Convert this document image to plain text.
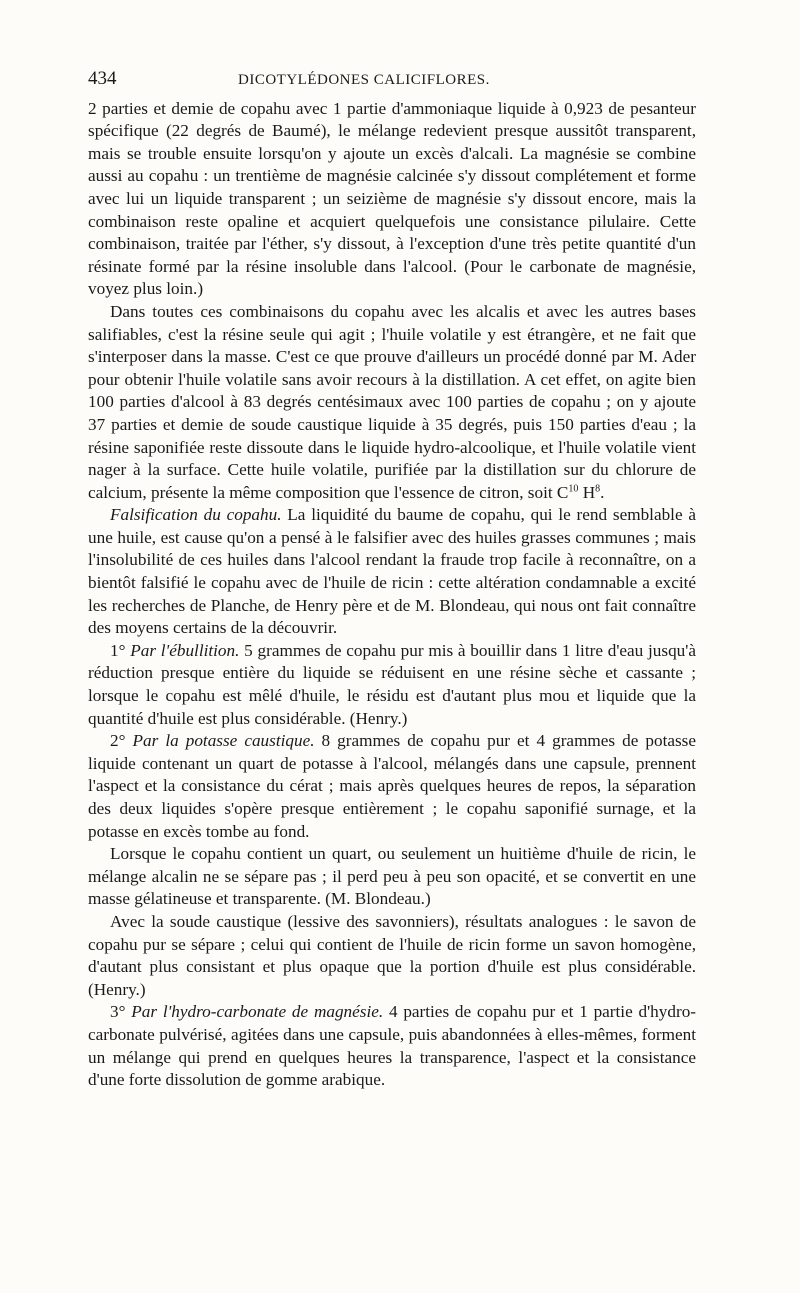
434	DICOTYLÉDONES CALICIFLORES.

2 parties et demie de copahu avec 1 partie d'ammoniaque liquide à 0,923 de pesanteur spécifique (22 degrés de Baumé), le mélange redevient presque aussitôt transparent, mais se trouble ensuite lorsqu'on y ajoute un excès d'alcali. La magnésie se combine aussi au copahu : un trentième de magnésie calcinée s'y dissout complétement et forme avec lui un liquide transparent ; un seizième de magnésie s'y dissout encore, mais la combinaison reste opaline et acquiert quelquefois une consistance pilulaire. Cette combinaison, traitée par l'éther, s'y dissout, à l'exception d'une très petite quantité d'un résinate formé par la résine insoluble dans l'alcool. (Pour le carbonate de magnésie, voyez plus loin.)

Dans toutes ces combinaisons du copahu avec les alcalis et avec les autres bases salifiables, c'est la résine seule qui agit ; l'huile volatile y est étrangère, et ne fait que s'interposer dans la masse. C'est ce que prouve d'ailleurs un procédé donné par M. Ader pour obtenir l'huile volatile sans avoir recours à la distillation. A cet effet, on agite bien 100 parties d'alcool à 83 degrés centésimaux avec 100 parties de copahu ; on y ajoute 37 parties et demie de soude caustique liquide à 35 degrés, puis 150 parties d'eau ; la résine saponifiée reste dissoute dans le liquide hydro-alcoolique, et l'huile volatile vient nager à la surface. Cette huile volatile, purifiée par la distillation sur du chlorure de calcium, présente la même composition que l'essence de citron, soit $C^{10}$ $H^8$.

Falsification du copahu. La liquidité du baume de copahu, qui le rend semblable à une huile, est cause qu'on a pensé à le falsifier avec des huiles grasses communes ; mais l'insolubilité de ces huiles dans l'alcool rendant la fraude trop facile à reconnaître, on a bientôt falsifié le copahu avec de l'huile de ricin : cette altération condamnable a excité les recherches de Planche, de Henry père et de M. Blondeau, qui nous ont fait connaître des moyens certains de la découvrir.

1° Par l'ébullition. 5 grammes de copahu pur mis à bouillir dans 1 litre d'eau jusqu'à réduction presque entière du liquide se réduisent en une résine sèche et cassante ; lorsque le copahu est mêlé d'huile, le résidu est d'autant plus mou et liquide que la quantité d'huile est plus considérable. (Henry.)

2° Par la potasse caustique. 8 grammes de copahu pur et 4 grammes de potasse liquide contenant un quart de potasse à l'alcool, mélangés dans une capsule, prennent l'aspect et la consistance du cérat ; mais après quelques heures de repos, la séparation des deux liquides s'opère presque entièrement ; le copahu saponifié surnage, et la potasse en excès tombe au fond.

Lorsque le copahu contient un quart, ou seulement un huitième d'huile de ricin, le mélange alcalin ne se sépare pas ; il perd peu à peu son opacité, et se convertit en une masse gélatineuse et transparente. (M. Blondeau.)

Avec la soude caustique (lessive des savonniers), résultats analogues : le savon de copahu pur se sépare ; celui qui contient de l'huile de ricin forme un savon homogène, d'autant plus consistant et plus opaque que la portion d'huile est plus considérable. (Henry.)

3° Par l'hydro-carbonate de magnésie. 4 parties de copahu pur et 1 partie d'hydro-carbonate pulvérisé, agitées dans une capsule, puis abandonnées à elles-mêmes, forment un mélange qui prend en quelques heures la transparence, l'aspect et la consistance d'une forte dissolution de gomme arabique.
